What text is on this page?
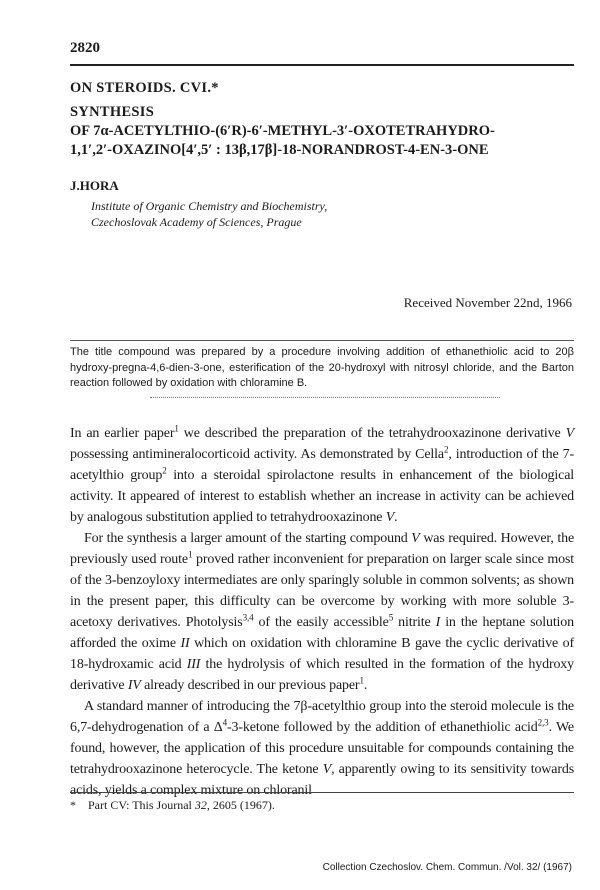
2820
ON STEROIDS. CVI.*
SYNTHESIS
OF 7α-ACETYLTHIO-(6′R)-6′-METHYL-3′-OXOTETRAHYDRO-
1,1′,2′-OXAZINO[4′,5′ : 13β,17β]-18-NORANDROST-4-EN-3-ONE
J.HORA
Institute of Organic Chemistry and Biochemistry,
Czechoslovak Academy of Sciences, Prague
Received November 22nd, 1966
The title compound was prepared by a procedure involving addition of ethanethiolic acid to 20β hydroxy-pregna-4,6-dien-3-one, esterification of the 20-hydroxyl with nitrosyl chloride, and the Barton reaction followed by oxidation with chloramine B.

In an earlier paper$^1$ we described the preparation of the tetrahydrooxazinone derivative V possessing antimineralocorticoid activity. As demonstrated by Cella$^2$, introduction of the 7-acetylthio group$^2$ into a steroidal spirolactone results in enhancement of the biological activity. It appeared of interest to establish whether an increase in activity can be achieved by analogous substitution applied to tetrahydrooxazinone V.

For the synthesis a larger amount of the starting compound V was required. However, the previously used route$^1$ proved rather inconvenient for preparation on larger scale since most of the 3-benzoyloxy intermediates are only sparingly soluble in common solvents; as shown in the present paper, this difficulty can be overcome by working with more soluble 3-acetoxy derivatives. Photolysis$^{3,4}$ of the easily accessible$^5$ nitrite I in the heptane solution afforded the oxime II which on oxidation with chloramine B gave the cyclic derivative of 18-hydroxamic acid III the hydrolysis of which resulted in the formation of the hydroxy derivative IV already described in our previous paper$^1$.

A standard manner of introducing the 7β-acetylthio group into the steroid molecule is the 6,7-dehydrogenation of a $\Delta^4-3$-ketone followed by the addition of ethanethiolic acid$^{2,3}$. We found, however, the application of this procedure unsuitable for compounds containing the tetrahydrooxazinone heterocycle. The ketone V, apparently owing to its sensitivity towards acids, yields a complex mixture on chloranil

* Part CV: This Journal 32, 2605 (1967).
Collection Czechoslov. Chem. Commun. /Vol. 32/ (1967)
